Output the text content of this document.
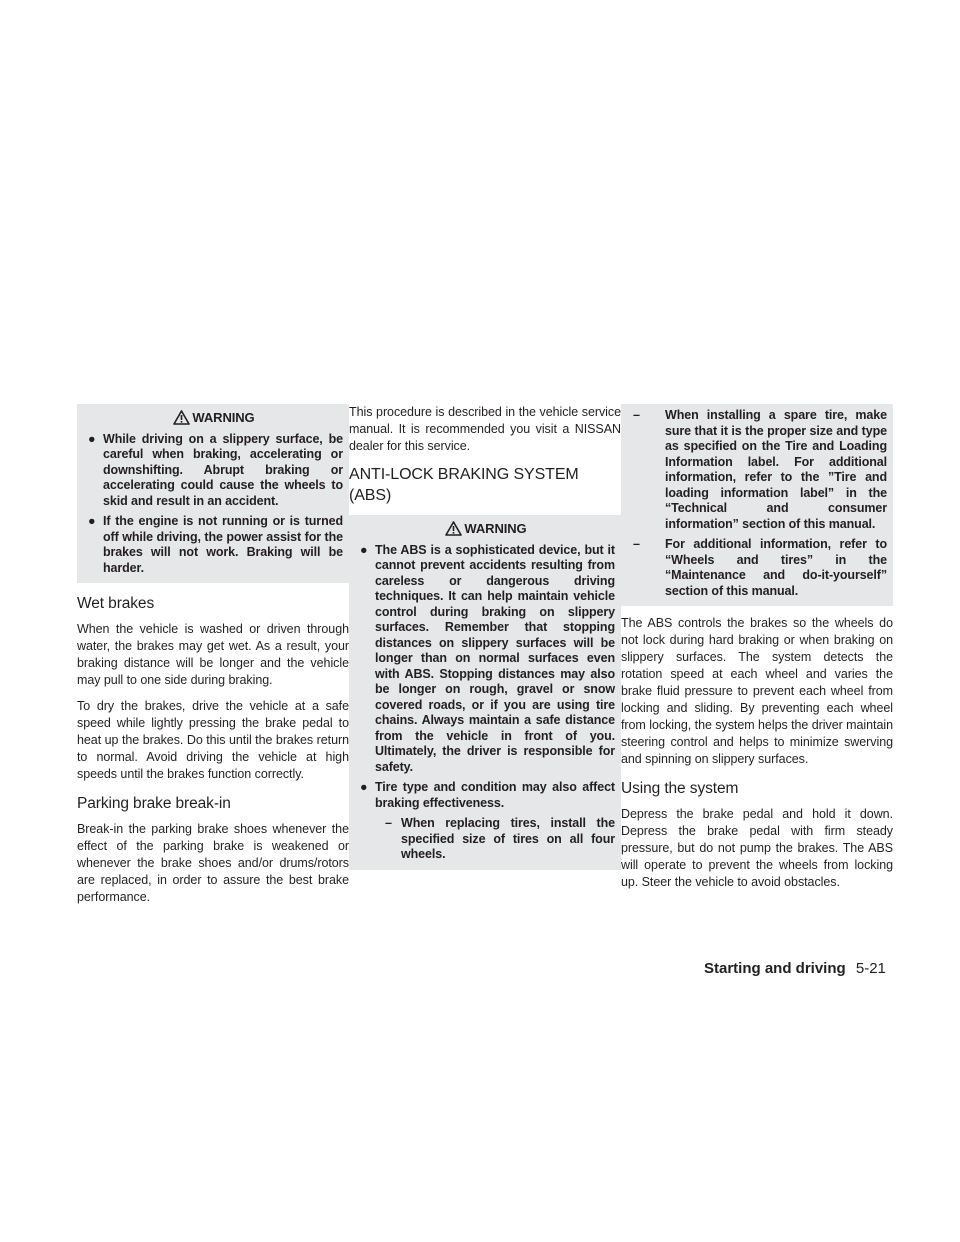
WARNING
● While driving on a slippery surface, be careful when braking, accelerating or downshifting. Abrupt braking or accelerating could cause the wheels to skid and result in an accident.
● If the engine is not running or is turned off while driving, the power assist for the brakes will not work. Braking will be harder.
Wet brakes

When the vehicle is washed or driven through water, the brakes may get wet. As a result, your braking distance will be longer and the vehicle may pull to one side during braking.

To dry the brakes, drive the vehicle at a safe speed while lightly pressing the brake pedal to heat up the brakes. Do this until the brakes return to normal. Avoid driving the vehicle at high speeds until the brakes function correctly.

Parking brake break-in

Break-in the parking brake shoes whenever the effect of the parking brake is weakened or whenever the brake shoes and/or drums/rotors are replaced, in order to assure the best brake performance.

This procedure is described in the vehicle service manual. It is recommended you visit a NISSAN dealer for this service.

ANTI-LOCK BRAKING SYSTEM (ABS)
WARNING
● The ABS is a sophisticated device, but it cannot prevent accidents resulting from careless or dangerous driving techniques. It can help maintain vehicle control during braking on slippery surfaces. Remember that stopping distances on slippery surfaces will be longer than on normal surfaces even with ABS. Stopping distances may also be longer on rough, gravel or snow covered roads, or if you are using tire chains. Always maintain a safe distance from the vehicle in front of you. Ultimately, the driver is responsible for safety.
● Tire type and condition may also affect braking effectiveness.
– When replacing tires, install the specified size of tires on all four wheels.
– When installing a spare tire, make sure that it is the proper size and type as specified on the Tire and Loading Information label. For additional information, refer to the ”Tire and loading information label” in the “Technical and consumer information” section of this manual.
– For additional information, refer to “Wheels and tires” in the “Maintenance and do-it-yourself” section of this manual.

The ABS controls the brakes so the wheels do not lock during hard braking or when braking on slippery surfaces. The system detects the rotation speed at each wheel and varies the brake fluid pressure to prevent each wheel from locking and sliding. By preventing each wheel from locking, the system helps the driver maintain steering control and helps to minimize swerving and spinning on slippery surfaces.

Using the system

Depress the brake pedal and hold it down. Depress the brake pedal with firm steady pressure, but do not pump the brakes. The ABS will operate to prevent the wheels from locking up. Steer the vehicle to avoid obstacles.

Starting and driving 5-21
